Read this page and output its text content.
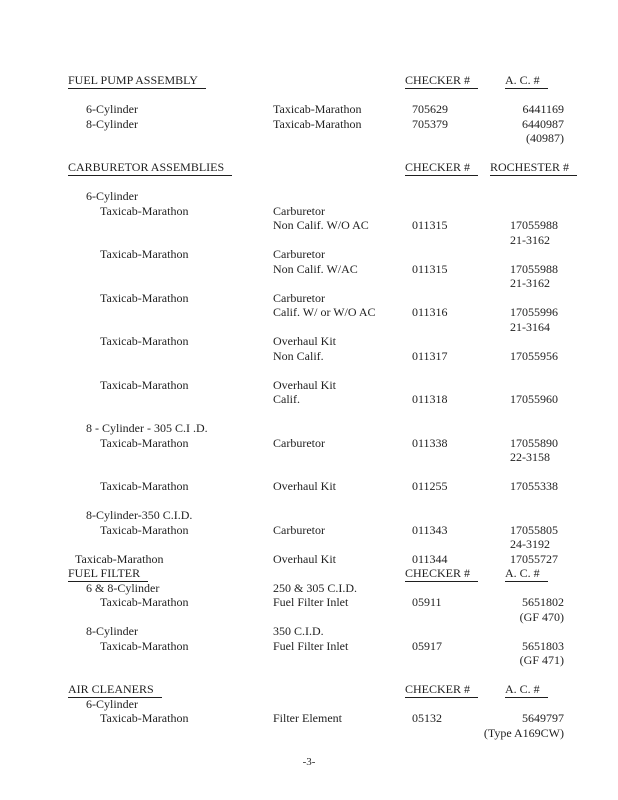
FUEL PUMP ASSEMBLY	CHECKER #	A. C. #
6-Cylinder	Taxicab-Marathon	705629	6441169
8-Cylinder	Taxicab-Marathon	705379	6440987
(40987)
CARBURETOR ASSEMBLIES	CHECKER #	ROCHESTER #
6-Cylinder
Taxicab-Marathon	Carburetor
Non Calif. W/O AC	011315	17055988
21-3162
Taxicab-Marathon	Carburetor
Non Calif. W/AC	011315	17055988
21-3162
Taxicab-Marathon	Carburetor
Calif. W/ or W/O AC	011316	17055996
21-3164
Taxicab-Marathon	Overhaul Kit
Non Calif.	011317	17055956
Taxicab-Marathon	Overhaul Kit
Calif.	011318	17055960
8 - Cylinder - 305 C.I .D.
Taxicab-Marathon	Carburetor	011338	17055890
22-3158
Taxicab-Marathon	Overhaul Kit	011255	17055338
8-Cylinder-350 C.I.D.
Taxicab-Marathon	Carburetor	011343	17055805
24-3192
Taxicab-Marathon	Overhaul Kit	011344	17055727
FUEL FILTER	CHECKER #	A. C. #
6 & 8-Cylinder	250 & 305 C.I.D.
Taxicab-Marathon	Fuel Filter Inlet	05911	5651802
(GF 470)
8-Cylinder	350 C.I.D.
Taxicab-Marathon	Fuel Filter Inlet	05917	5651803
(GF 471)
AIR CLEANERS	CHECKER #	A. C. #
6-Cylinder
Taxicab-Marathon	Filter Element	05132	5649797
(Type A169CW)
-3-
